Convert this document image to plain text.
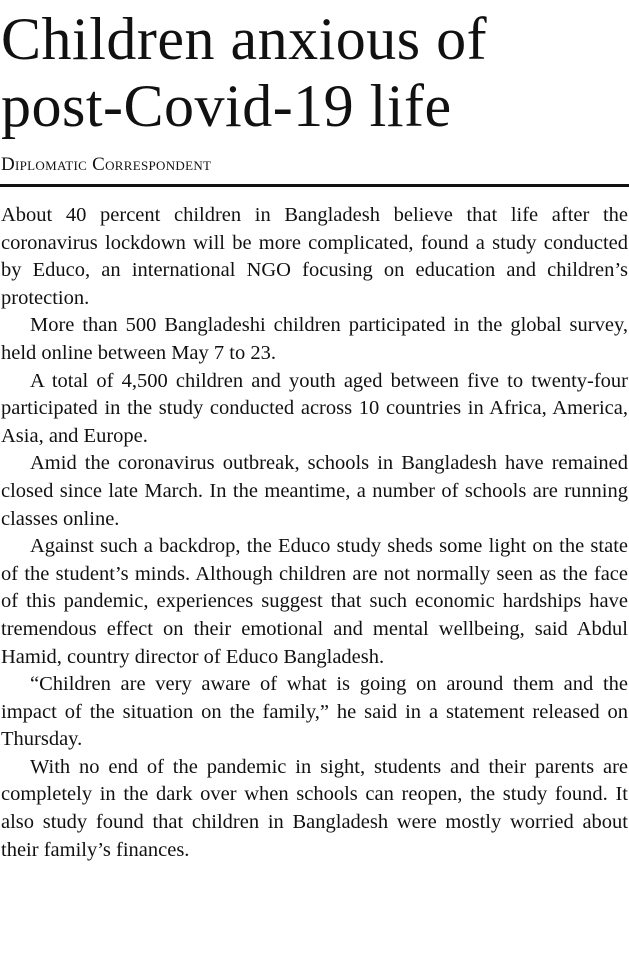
Children anxious of
post-Covid-19 life
Diplomatic Correspondent

About 40 percent children in Bangladesh believe that life after the coronavirus lockdown will be more complicated, found a study conducted by Educo, an international NGO focusing on education and children’s protection.

More than 500 Bangladeshi children participated in the global survey, held online between May 7 to 23.

A total of 4,500 children and youth aged between five to twenty-four participated in the study conducted across 10 countries in Africa, America, Asia, and Europe.

Amid the coronavirus outbreak, schools in Bangladesh have remained closed since late March. In the meantime, a number of schools are running classes online.

Against such a backdrop, the Educo study sheds some light on the state of the student’s minds. Although children are not normally seen as the face of this pandemic, experiences suggest that such economic hardships have tremendous effect on their emotional and mental wellbeing, said Abdul Hamid, country director of Educo Bangladesh.

“Children are very aware of what is going on around them and the impact of the situation on the family,” he said in a statement released on Thursday.

With no end of the pandemic in sight, students and their parents are completely in the dark over when schools can reopen, the study found. It also study found that children in Bangladesh were mostly worried about their family’s finances.
